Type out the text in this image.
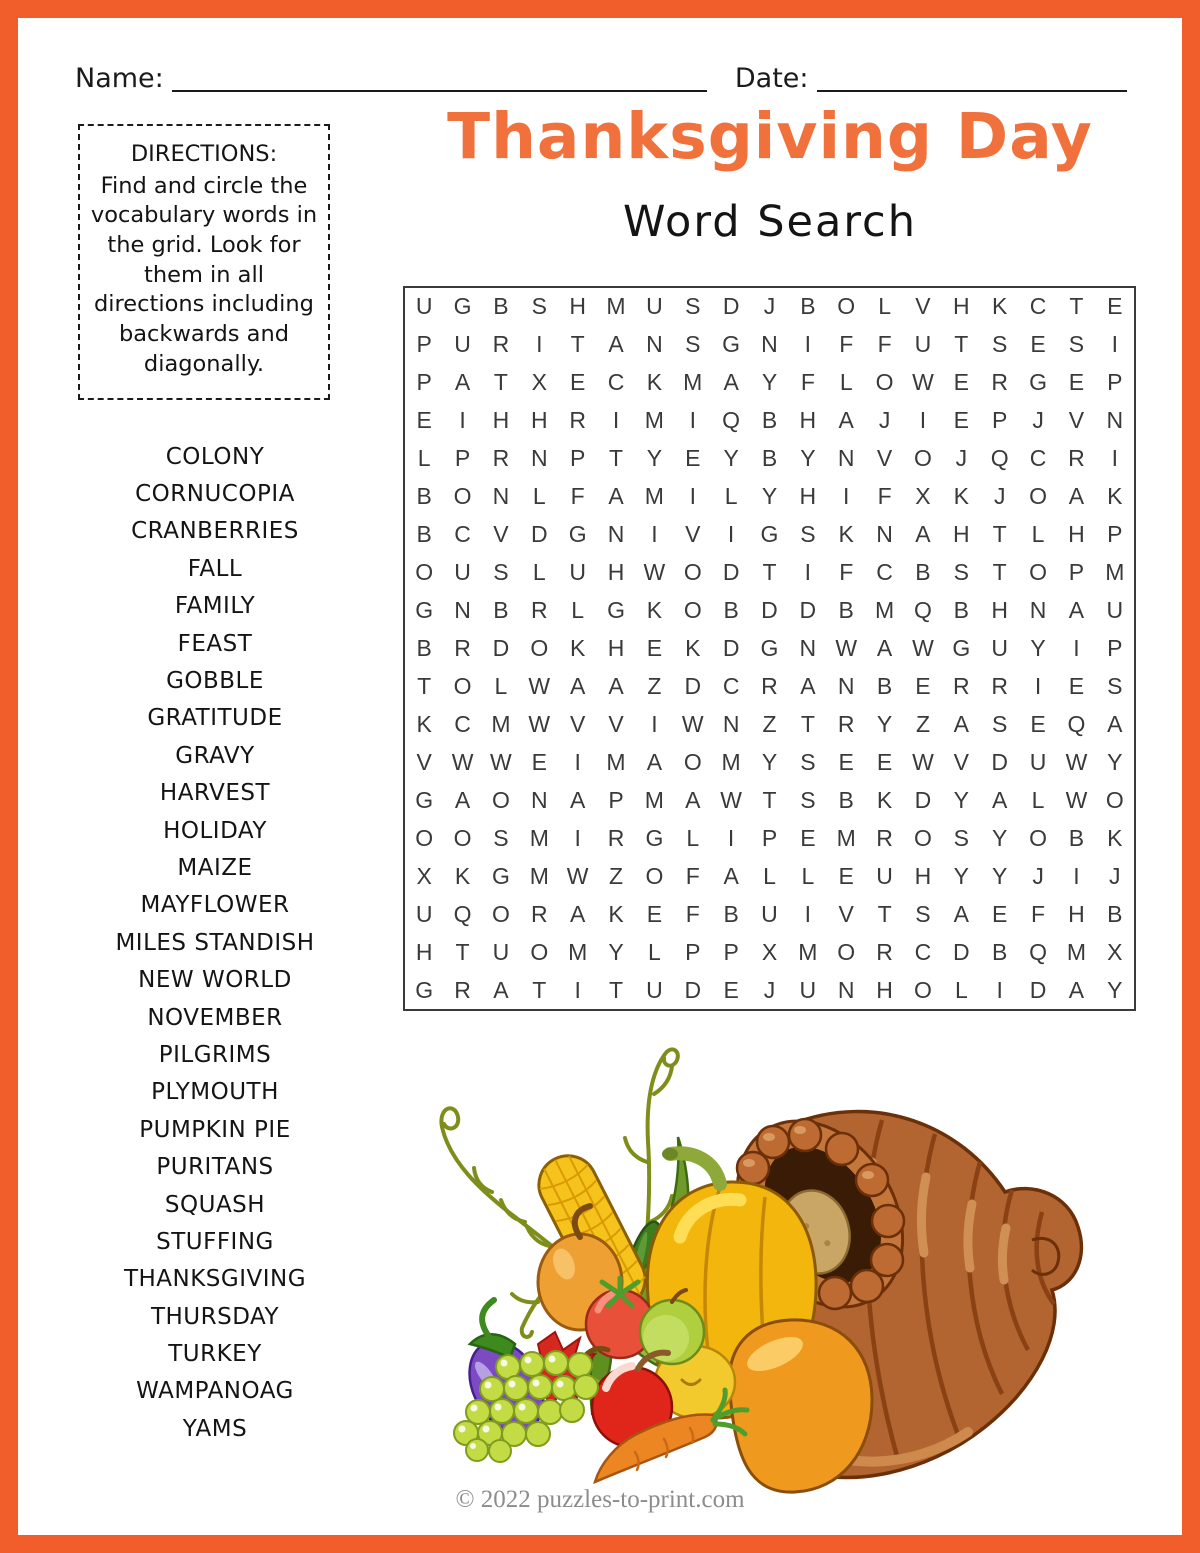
Name:	Date:
Thanksgiving Day
Word Search
DIRECTIONS:
Find and circle the vocabulary words in the grid. Look for them in all directions including backwards and diagonally.
COLONY
CORNUCOPIA
CRANBERRIES
FALL
FAMILY
FEAST
GOBBLE
GRATITUDE
GRAVY
HARVEST
HOLIDAY
MAIZE
MAYFLOWER
MILES STANDISH
NEW WORLD
NOVEMBER
PILGRIMS
PLYMOUTH
PUMPKIN PIE
PURITANS
SQUASH
STUFFING
THANKSGIVING
THURSDAY
TURKEY
WAMPANOAG
YAMS
U G B	S H M U S D	J	B O	L	V H K C	T	E
P U R	I	T	A N S G N	I	F	F	U	T	S	E	S	I
P	A	T	X	E C K M A	Y	F	L	O W E R G E	P
E	I	H H R	I	M	I	Q B H A	J	I	E	P	J	V N
L	P R N P	T	Y	E	Y	B	Y N V O	J	Q C R	I
B O N	L	F	A M	I	L	Y H	I	F	X	K	J	O A	K
B C V D G N	I	V	I	G S	K N A H	T	L	H P
O U S	L	U H W O D	T	I	F	C B	S	T O P M
G N B R	L	G K O B D D B M Q B H N A U
B R D O K H E	K D G N W A W G U Y	I	P
T O	L W A	A	Z	D C R A N B	E R R	I	E	S
K C M W V	V	I	W N	Z	T	R Y	Z	A	S	E Q A
V W W E	I	M A O M Y	S	E	E W V D U W Y
G A O N A	P M A W T	S	B	K D Y	A	L W O
O O S M	I	R G	L	I	P	E M R O S	Y O B	K
X	K G M W Z O F	A	L	L	E U H Y	Y	J	I	J
U Q O R A	K	E	F	B U	I	V	T	S	A	E	F	H B
H	T	U O M Y	L	P	P	X M O R C D B Q M X
G R A	T	I	T	U D E	J	U N H O	L	I	D A	Y
© 2022 puzzles-to-print.com
